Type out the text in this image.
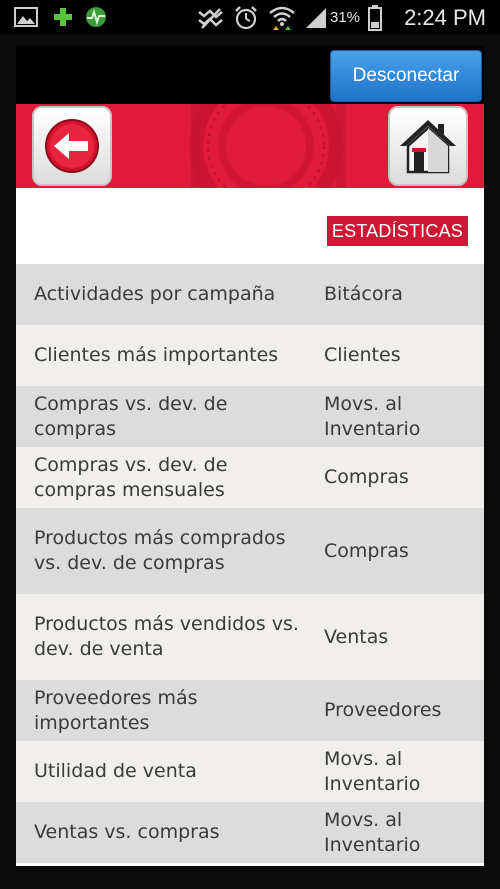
31% 2:24 PM
Desconectar
ESTADÍSTICAS
Actividades por campaña	Bitácora
Clientes más importantes	Clientes
Compras vs. dev. de compras
Movs. al Inventario
Compras vs. dev. de compras mensuales
Compras
Productos más comprados vs. dev. de compras
Compras
Productos más vendidos vs. dev. de venta
Ventas
Proveedores más importantes
Proveedores
Utilidad de venta
Movs. al Inventario
Ventas vs. compras
Movs. al Inventario
